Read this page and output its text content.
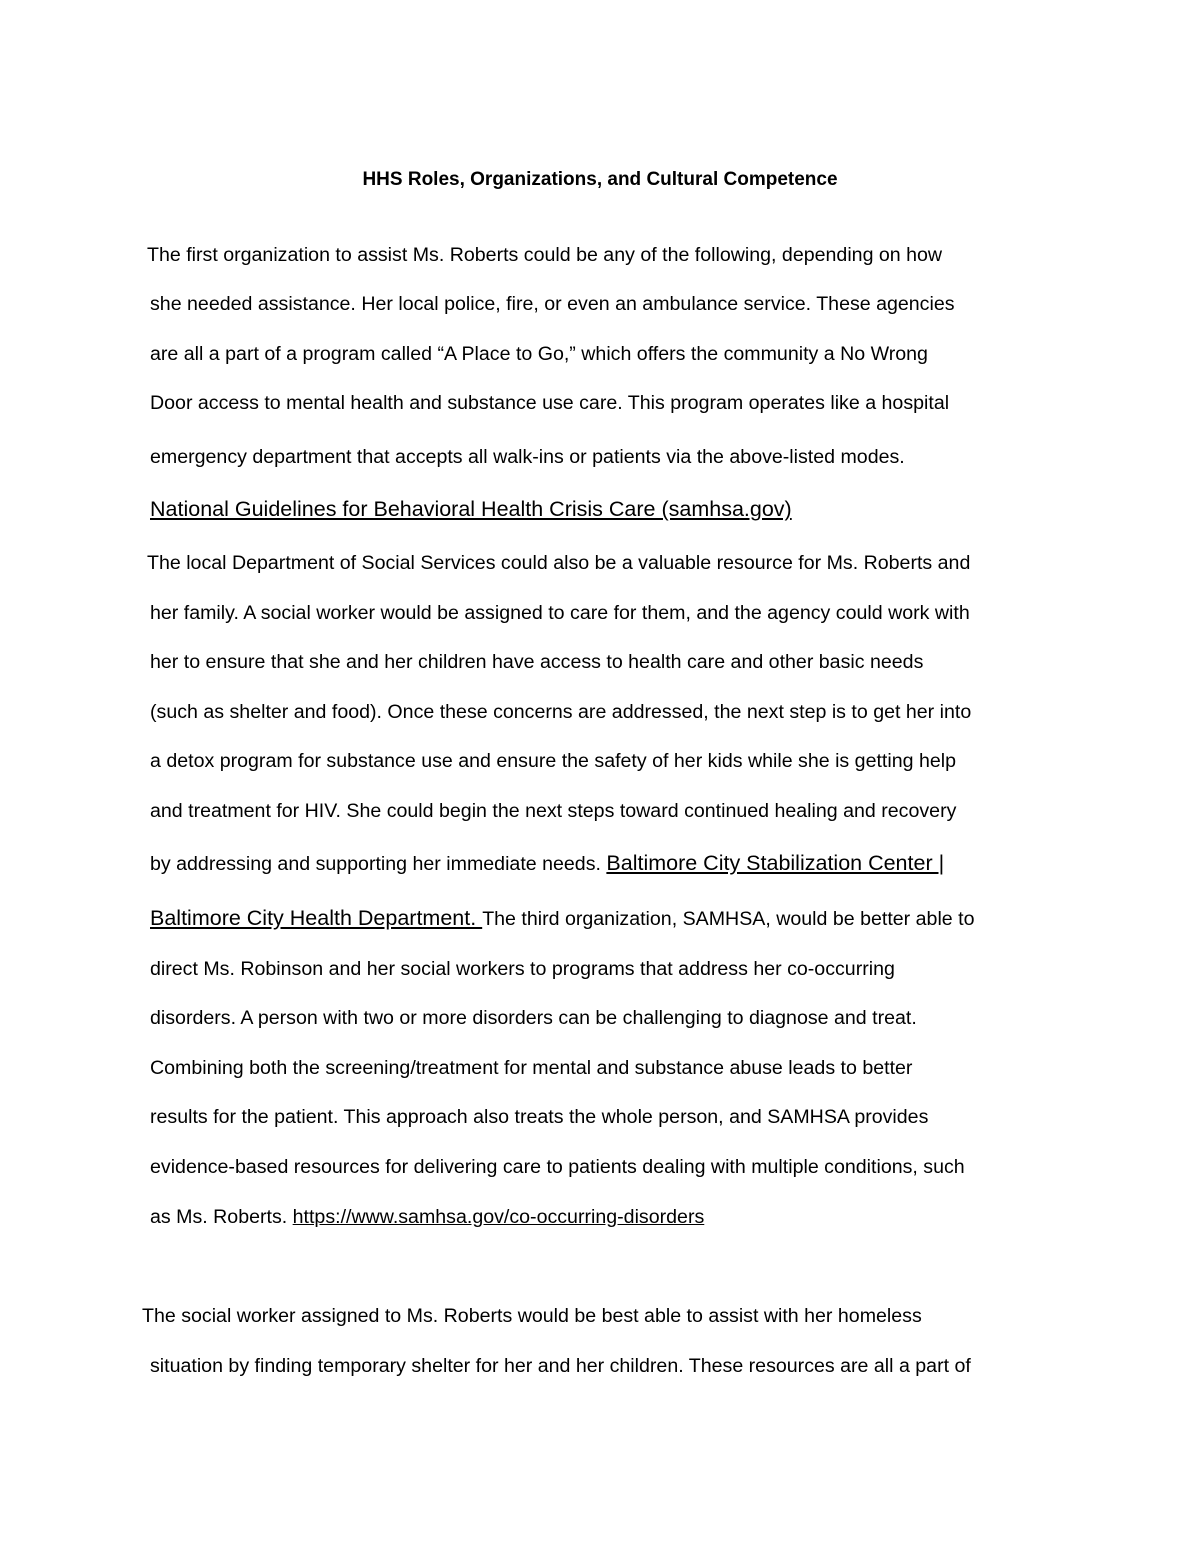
HHS Roles, Organizations, and Cultural Competence
The first organization to assist Ms. Roberts could be any of the following, depending on how
she needed assistance. Her local police, fire, or even an ambulance service. These agencies
are all a part of a program called “A Place to Go,” which offers the community a No Wrong
Door access to mental health and substance use care. This program operates like a hospital
emergency department that accepts all walk-ins or patients via the above-listed modes.
National Guidelines for Behavioral Health Crisis Care (samhsa.gov)
The local Department of Social Services could also be a valuable resource for Ms. Roberts and
her family. A social worker would be assigned to care for them, and the agency could work with
her to ensure that she and her children have access to health care and other basic needs
(such as shelter and food). Once these concerns are addressed, the next step is to get her into
a detox program for substance use and ensure the safety of her kids while she is getting help
and treatment for HIV. She could begin the next steps toward continued healing and recovery
by addressing and supporting her immediate needs. Baltimore City Stabilization Center |
Baltimore City Health Department. The third organization, SAMHSA, would be better able to
direct Ms. Robinson and her social workers to programs that address her co-occurring
disorders. A person with two or more disorders can be challenging to diagnose and treat.
Combining both the screening/treatment for mental and substance abuse leads to better
results for the patient. This approach also treats the whole person, and SAMHSA provides
evidence-based resources for delivering care to patients dealing with multiple conditions, such
as Ms. Roberts. https://www.samhsa.gov/co-occurring-disorders
The social worker assigned to Ms. Roberts would be best able to assist with her homeless
situation by finding temporary shelter for her and her children. These resources are all a part of
